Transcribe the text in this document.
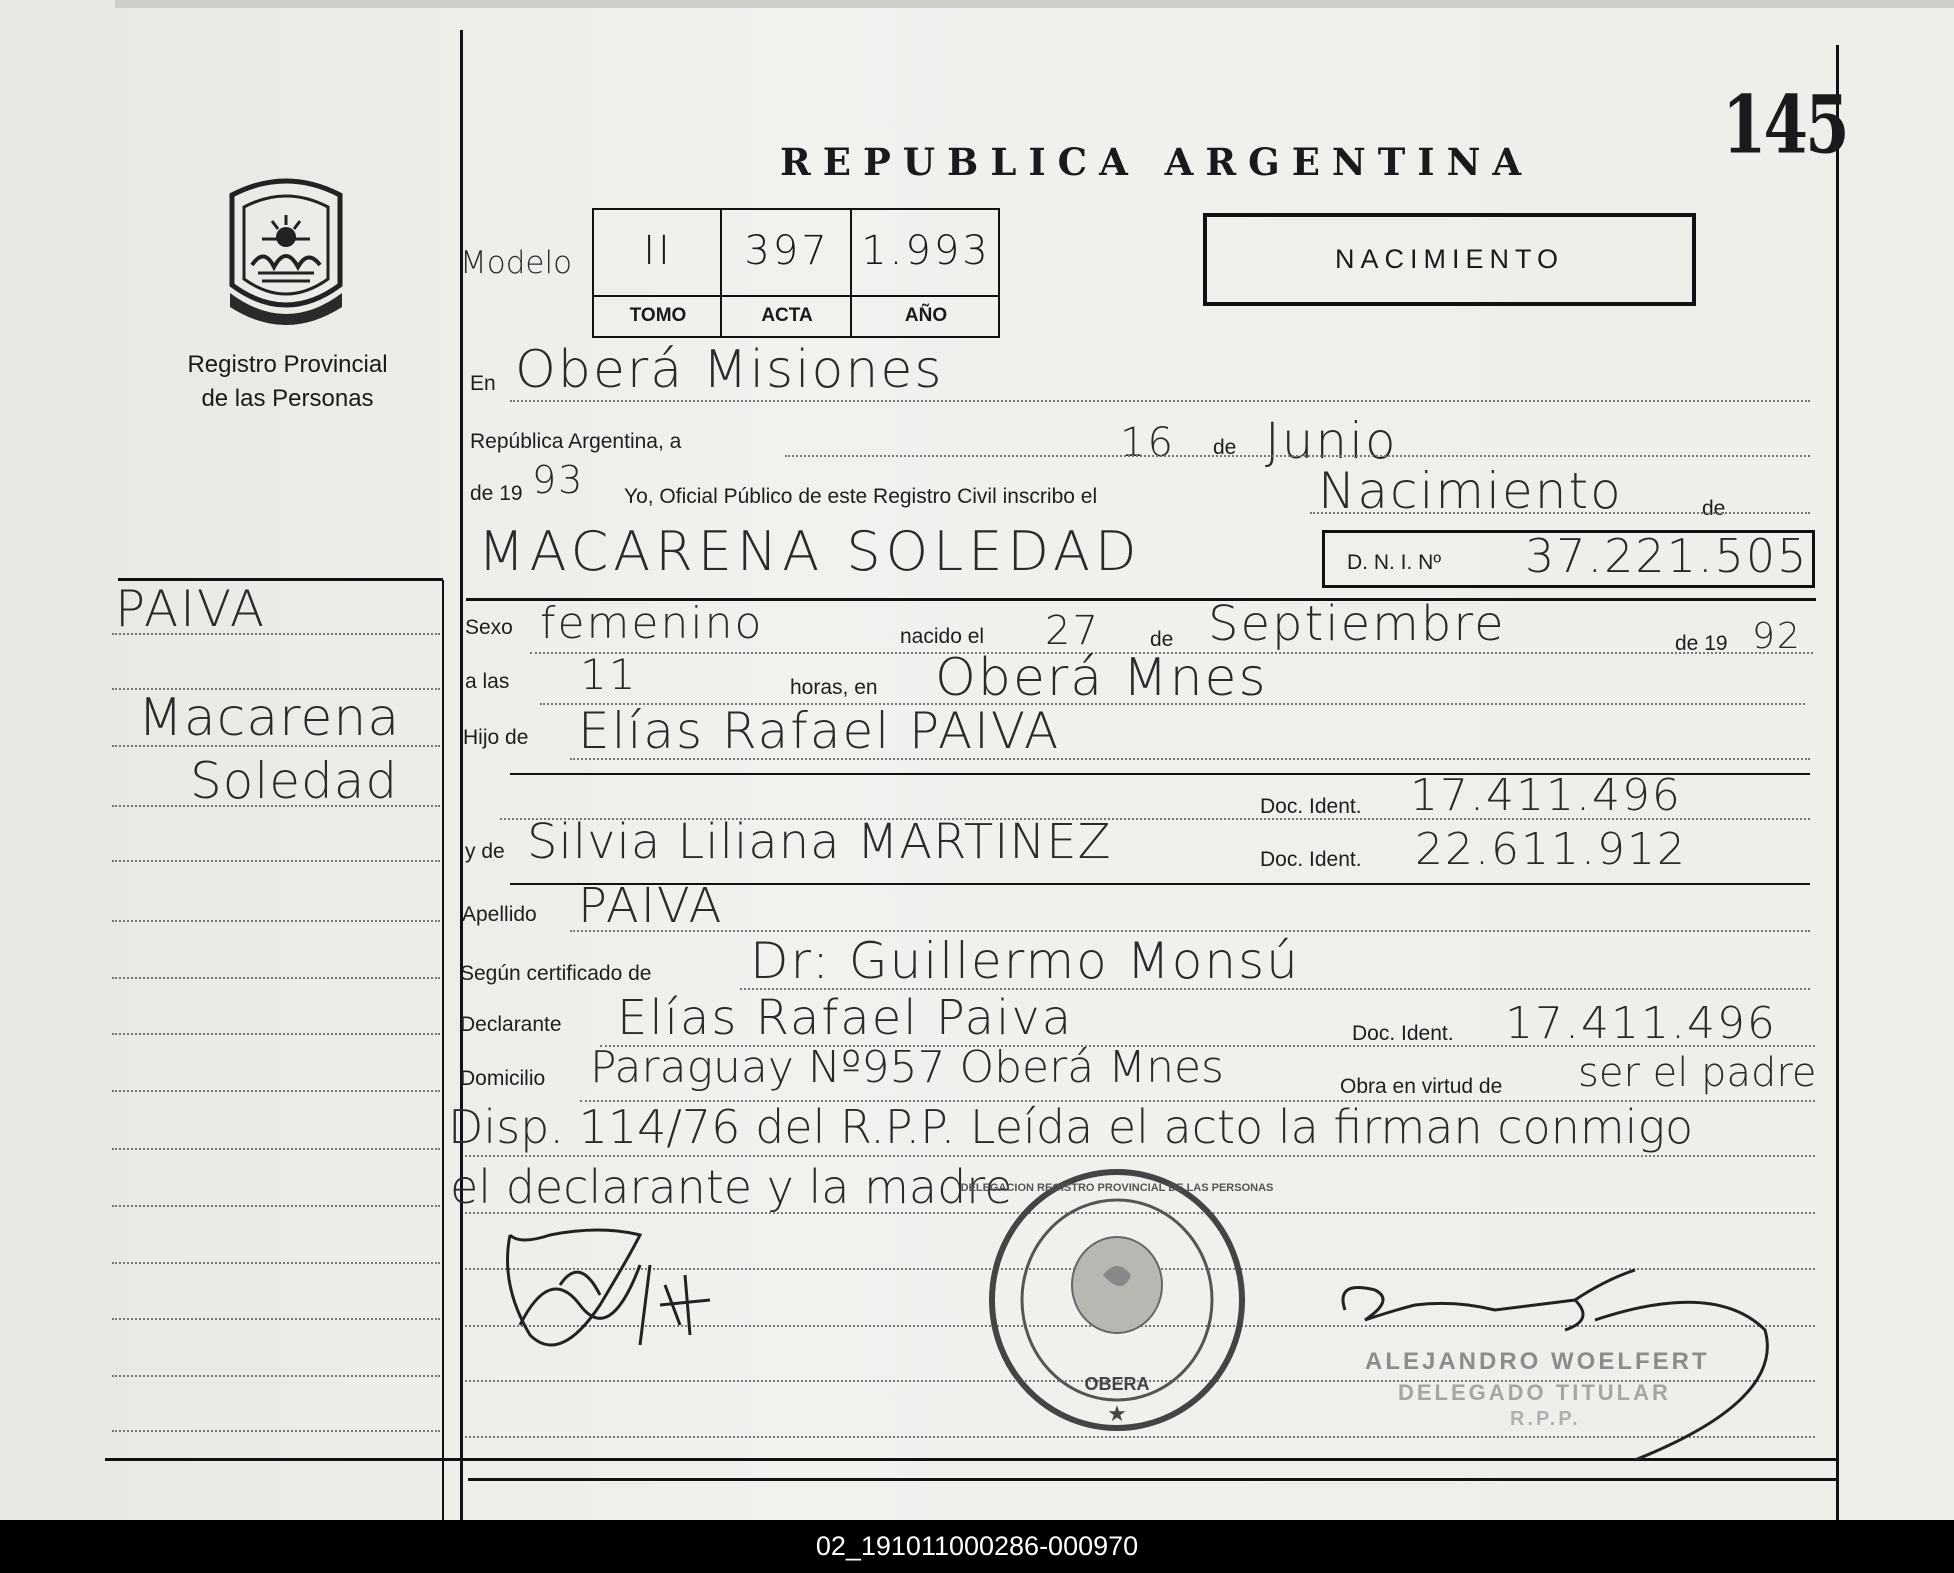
REPUBLICA ARGENTINA	145
NACIMIENTO
Registro Provincial
de las Personas
Modelo	II	397 1.993
TOMO	ACTA	AÑO
PAIVA
Macarena
Soledad
En Oberá Misiones
República Argentina, a	16 de Junio
de 19 93 Yo, Oficial Público de este Registro Civil inscribo el	Nacimiento	de
MACARENA SOLEDAD	D. N. I. Nº 37.221.505
Sexo femenino	nacido el 27 de Septiembre	de 19 92
a las 11	horas, en Oberá Mnes
Hijo de Elías Rafael PAIVA
Doc. Ident. 17.411.496
y de Silvia Liliana MARTINEZ	Doc. Ident. 22.611.912
Apellido PAIVA
Según certificado de Dr: Guillermo Monsú
Declarante Elías Rafael Paiva	Doc. Ident. 17.411.496
Domicilio Paraguay Nº957 Oberá Mnes	Obra en virtud de ser el padre
Disp. 114/76 del R.P.P. Leída el acto la firman conmigo
el declarante y la madre
OBERA
★
DELEGACION REGISTRO PROVINCIAL DE LAS PERSONAS
ALEJANDRO WOELFERT
DELEGADO TITULAR
R.P.P.
02_191011000286-000970
